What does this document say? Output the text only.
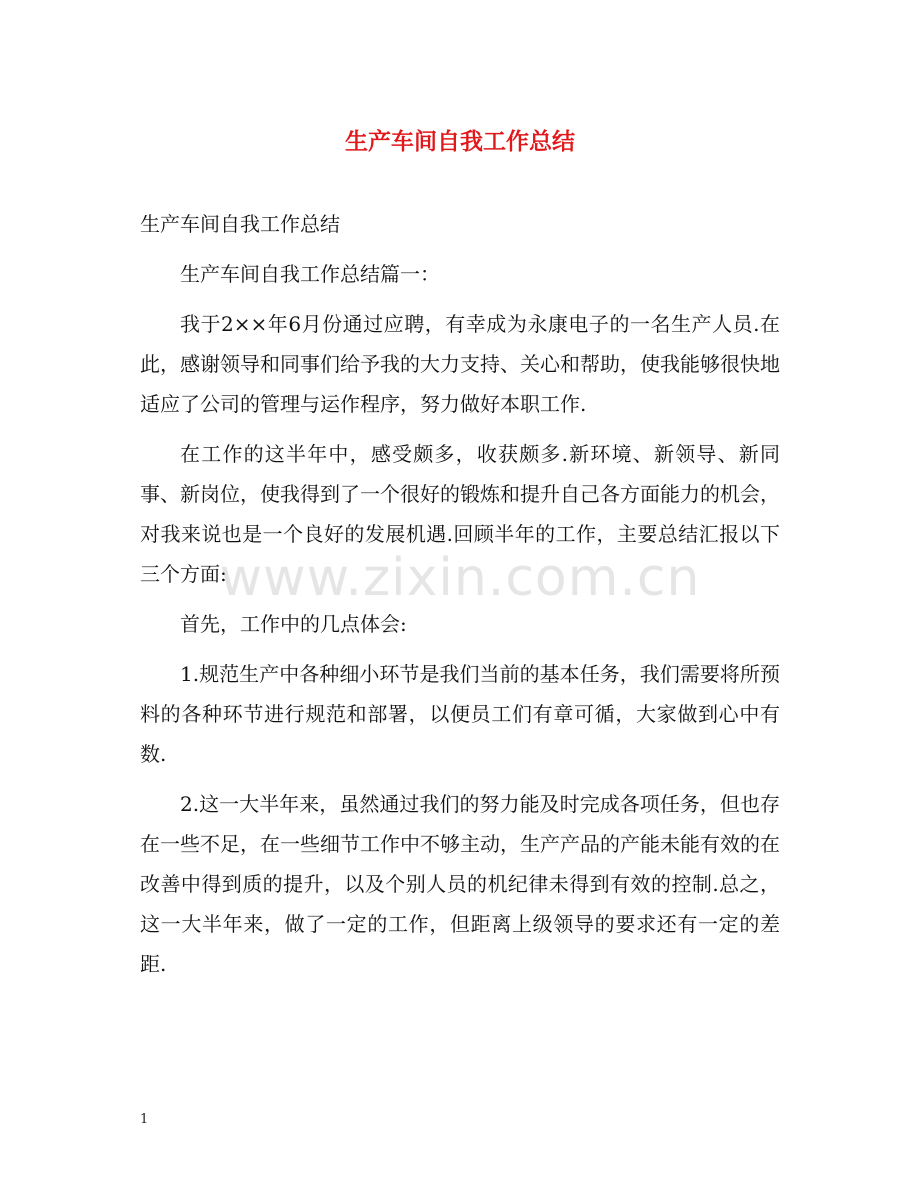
生产车间自我工作总结
www.zixin.com.cn

生产车间自我工作总结

生产车间自我工作总结篇一：

我于2××年6月份通过应聘，有幸成为永康电子的一名生产人员.在此，感谢领导和同事们给予我的大力支持、关心和帮助，使我能够很快地适应了公司的管理与运作程序，努力做好本职工作.

在工作的这半年中，感受颇多，收获颇多.新环境、新领导、新同事、新岗位，使我得到了一个很好的锻炼和提升自己各方面能力的机会，对我来说也是一个良好的发展机遇.回顾半年的工作，主要总结汇报以下三个方面:

首先，工作中的几点体会:

1.规范生产中各种细小环节是我们当前的基本任务，我们需要将所预料的各种环节进行规范和部署，以便员工们有章可循，大家做到心中有数.

2.这一大半年来，虽然通过我们的努力能及时完成各项任务，但也存在一些不足，在一些细节工作中不够主动，生产产品的产能未能有效的在改善中得到质的提升，以及个别人员的机纪律未得到有效的控制.总之，这一大半年来，做了一定的工作，但距离上级领导的要求还有一定的差距.

1
